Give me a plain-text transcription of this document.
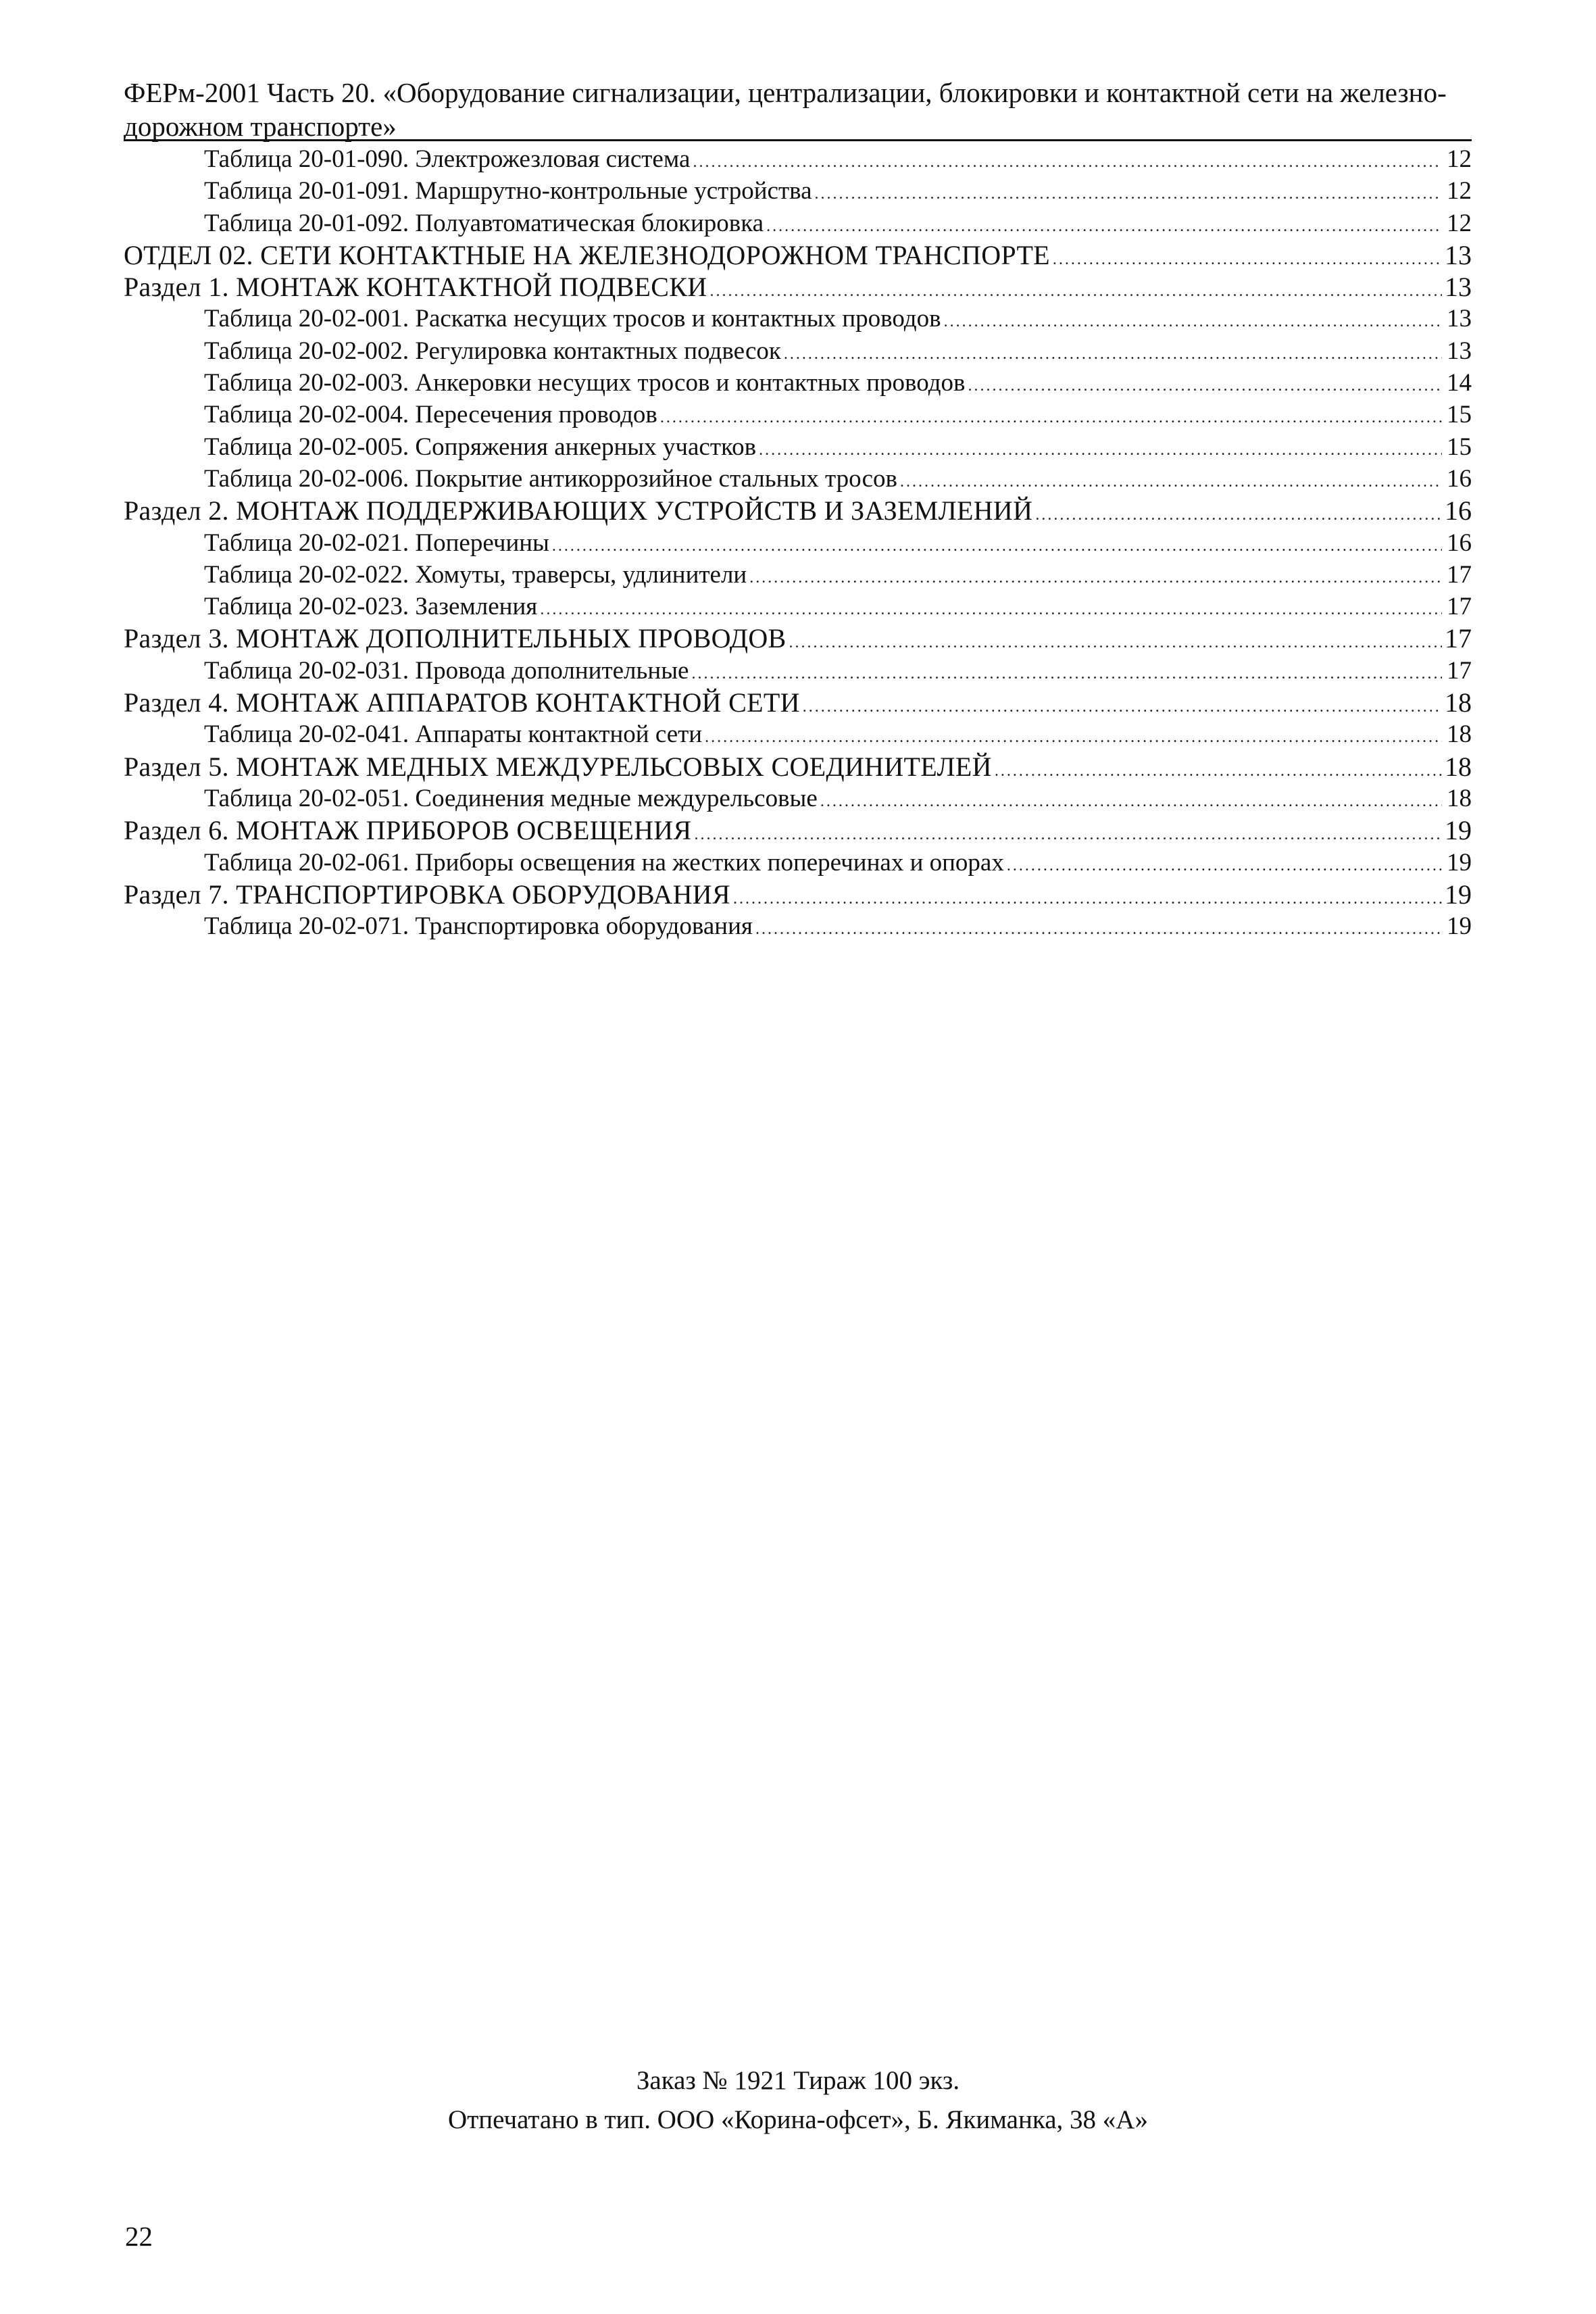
ФЕРм-2001 Часть 20. «Оборудование сигнализации, централизации, блокировки и контактной сети на железно-дорожном транспорте»
Таблица 20-01-090. Электрожезловая система .....	12
Таблица 20-01-091. Маршрутно-контрольные устройства .....	12
Таблица 20-01-092. Полуавтоматическая блокировка .....	12
ОТДЕЛ 02. СЕТИ КОНТАКТНЫЕ НА ЖЕЛЕЗНОДОРОЖНОМ ТРАНСПОРТЕ .....	13
Раздел 1. МОНТАЖ КОНТАКТНОЙ ПОДВЕСКИ .....	13
Таблица 20-02-001. Раскатка несущих тросов и контактных проводов .....	13
Таблица 20-02-002. Регулировка контактных подвесок .....	13
Таблица 20-02-003. Анкеровки несущих тросов и контактных проводов .....	14
Таблица 20-02-004. Пересечения проводов .....	15
Таблица 20-02-005. Сопряжения анкерных участков .....	15
Таблица 20-02-006. Покрытие антикоррозийное стальных тросов .....	16
Раздел 2. МОНТАЖ ПОДДЕРЖИВАЮЩИХ УСТРОЙСТВ И ЗАЗЕМЛЕНИЙ .....	16
Таблица 20-02-021. Поперечины .....	16
Таблица 20-02-022. Хомуты, траверсы, удлинители .....	17
Таблица 20-02-023. Заземления .....	17
Раздел 3. МОНТАЖ ДОПОЛНИТЕЛЬНЫХ ПРОВОДОВ .....	17
Таблица 20-02-031. Провода дополнительные .....	17
Раздел 4. МОНТАЖ АППАРАТОВ КОНТАКТНОЙ СЕТИ .....	18
Таблица 20-02-041. Аппараты контактной сети .....	18
Раздел 5. МОНТАЖ МЕДНЫХ МЕЖДУРЕЛЬСОВЫХ СОЕДИНИТЕЛЕЙ .....	18
Таблица 20-02-051. Соединения медные междурельсовые .....	18
Раздел 6. МОНТАЖ ПРИБОРОВ ОСВЕЩЕНИЯ .....	19
Таблица 20-02-061. Приборы освещения на жестких поперечинах и опорах .....	19
Раздел 7. ТРАНСПОРТИРОВКА ОБОРУДОВАНИЯ .....	19
Таблица 20-02-071. Транспортировка оборудования .....	19
Заказ № 1921 Тираж 100 экз.
Отпечатано в тип. ООО «Корина-офсет», Б. Якиманка, 38 «А»
22
